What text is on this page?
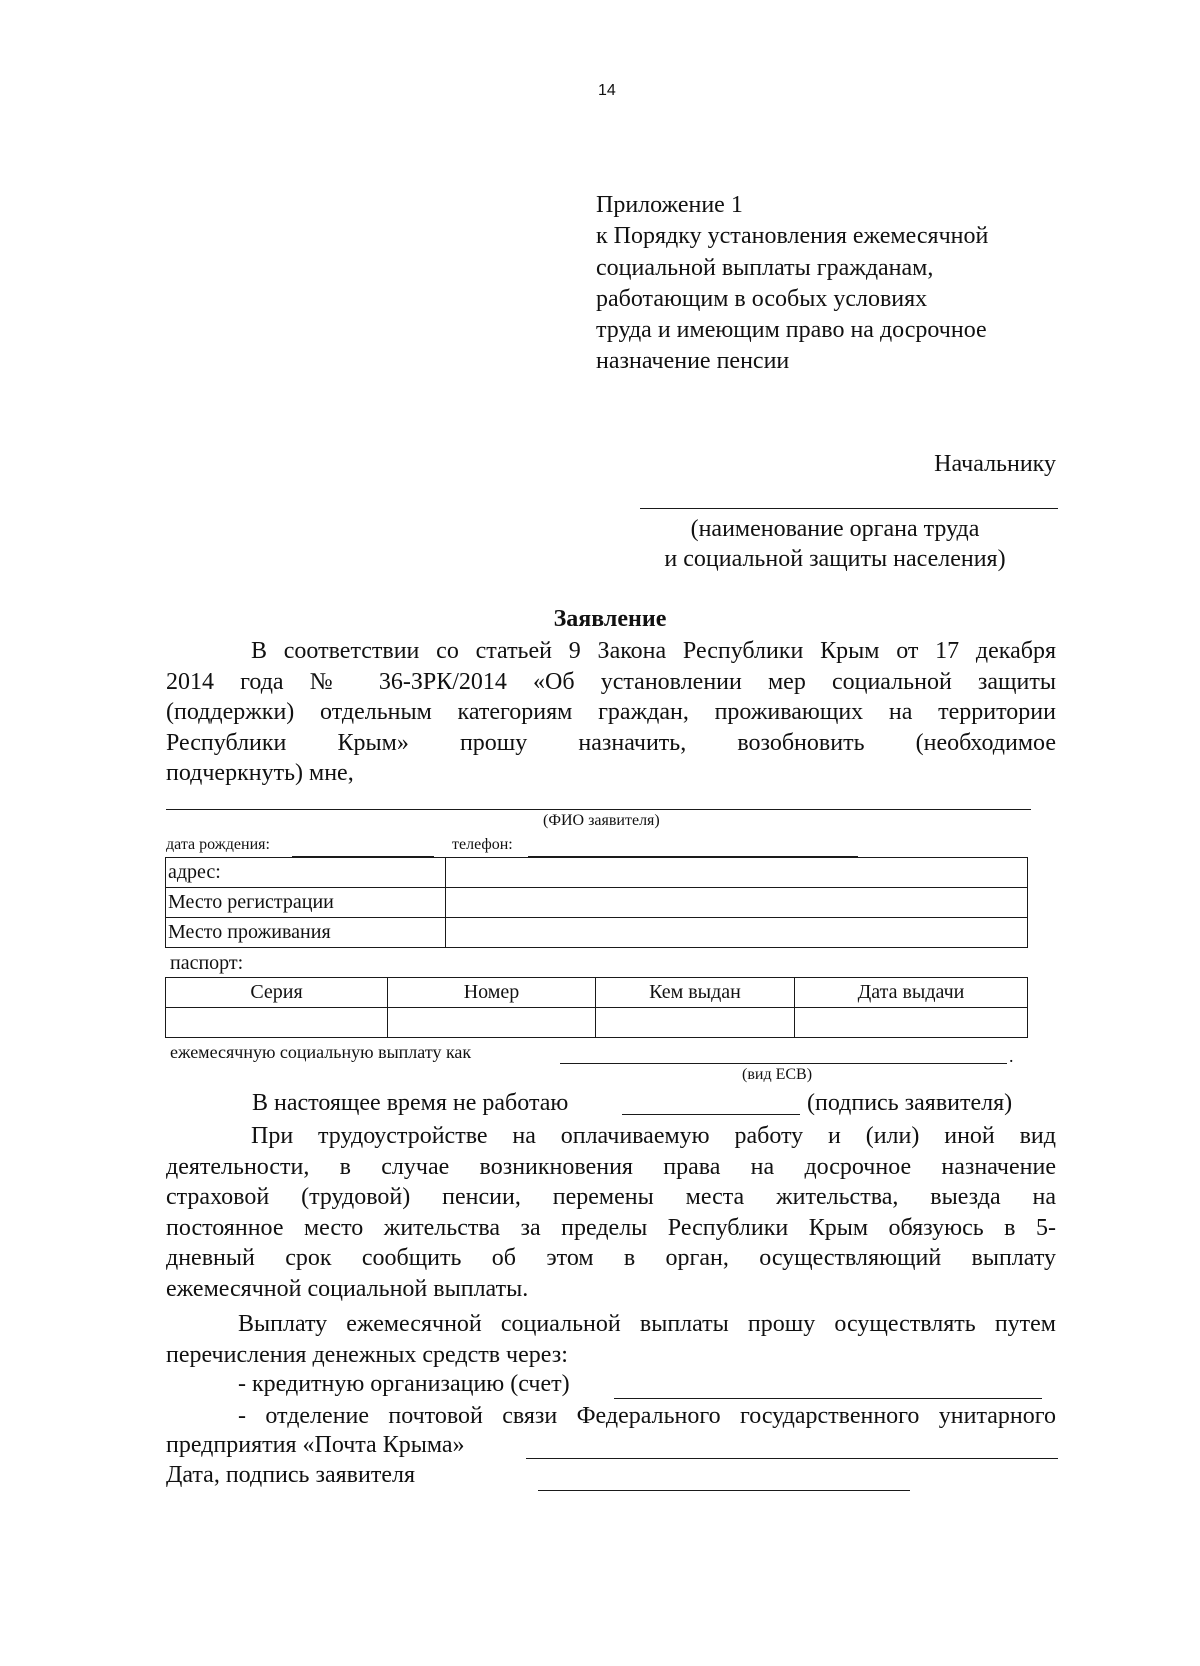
14
Приложение 1
к Порядку установления ежемесячной
социальной выплаты гражданам,
работающим в особых условиях
труда и имеющим право на досрочное
назначение пенсии
Начальнику
(наименование органа труда
и социальной защиты населения)
Заявление
В соответствии со статьей 9 Закона Республики Крым от 17 декабря
2014 года № 36-ЗРК/2014 «Об установлении мер социальной защиты
(поддержки) отдельным категориям граждан, проживающих на территории
Республики Крым» прошу назначить, возобновить (необходимое
подчеркнуть) мне,
(ФИО заявителя)
дата рождения:	телефон:
адрес:	
Место регистрации	
Место проживания	
паспорт:
Серия	Номер	Кем выдан	Дата выдачи

ежемесячную социальную выплату как	.
(вид ЕСВ)
В настоящее время не работаю	(подпись заявителя)
При трудоустройстве на оплачиваемую работу и (или) иной вид
деятельности, в случае возникновения права на досрочное назначение
страховой (трудовой) пенсии, перемены места жительства, выезда на
постоянное место жительства за пределы Республики Крым обязуюсь в 5-
дневный срок сообщить об этом в орган, осуществляющий выплату
ежемесячной социальной выплаты.
Выплату ежемесячной социальной выплаты прошу осуществлять путем
перечисления денежных средств через:
- кредитную организацию (счет)
- отделение почтовой связи Федерального государственного унитарного
предприятия «Почта Крыма»
Дата, подпись заявителя
